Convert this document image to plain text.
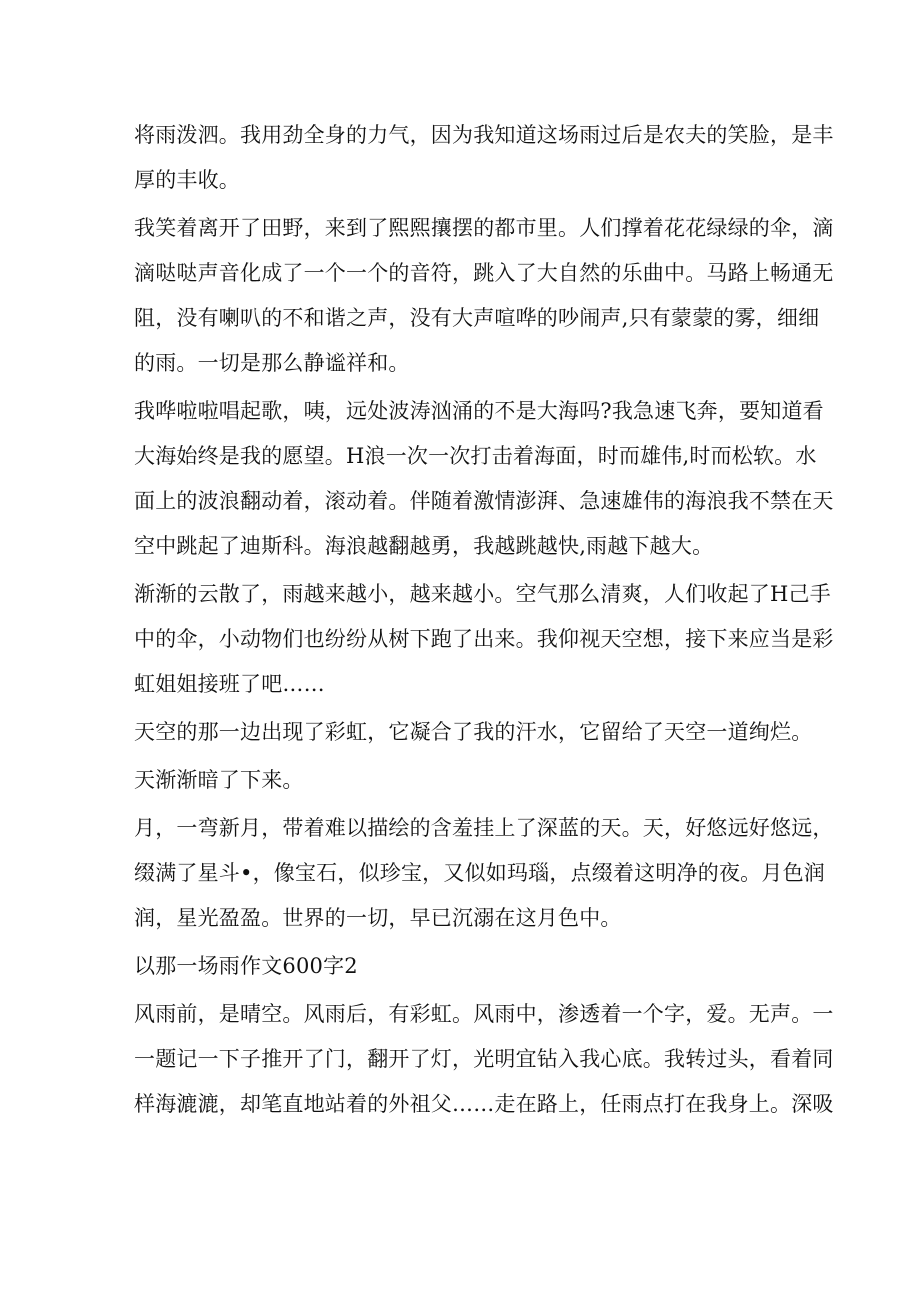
将雨泼泗。我用劲全身的力气，因为我知道这场雨过后是农夫的笑脸，是丰
厚的丰收。
我笑着离开了田野，来到了熙熙攘摆的都市里。人们撑着花花绿绿的伞，滴
滴哒哒声音化成了一个一个的音符，跳入了大自然的乐曲中。马路上畅通无
阻，没有喇叭的不和谐之声，没有大声喧哗的吵闹声,只有蒙蒙的雾，细细
的雨。一切是那么静谧祥和。
我哗啦啦唱起歌，咦，远处波涛汹涌的不是大海吗?我急速飞奔，要知道看
大海始终是我的愿望。H浪一次一次打击着海面，时而雄伟,时而松软。水
面上的波浪翻动着，滚动着。伴随着激情澎湃、急速雄伟的海浪我不禁在天
空中跳起了迪斯科。海浪越翻越勇，我越跳越快,雨越下越大。
渐渐的云散了，雨越来越小，越来越小。空气那么清爽，人们收起了H己手
中的伞，小动物们也纷纷从树下跑了出来。我仰视天空想，接下来应当是彩
虹姐姐接班了吧……
天空的那一边出现了彩虹，它凝合了我的汗水，它留给了天空一道绚烂。
天渐渐暗了下来。
月，一弯新月，带着难以描绘的含羞挂上了深蓝的天。天，好悠远好悠远，
缀满了星斗•，像宝石，似珍宝，又似如玛瑙，点缀着这明净的夜。月色润
润，星光盈盈。世界的一切，早已沉溺在这月色中。
以那一场雨作文600字2
风雨前，是晴空。风雨后，有彩虹。风雨中，渗透着一个字，爱。无声。一
一题记一下子推开了门，翻开了灯，光明宜钻入我心底。我转过头，看着同
样海漉漉，却笔直地站着的外祖父……走在路上，任雨点打在我身上。深吸
